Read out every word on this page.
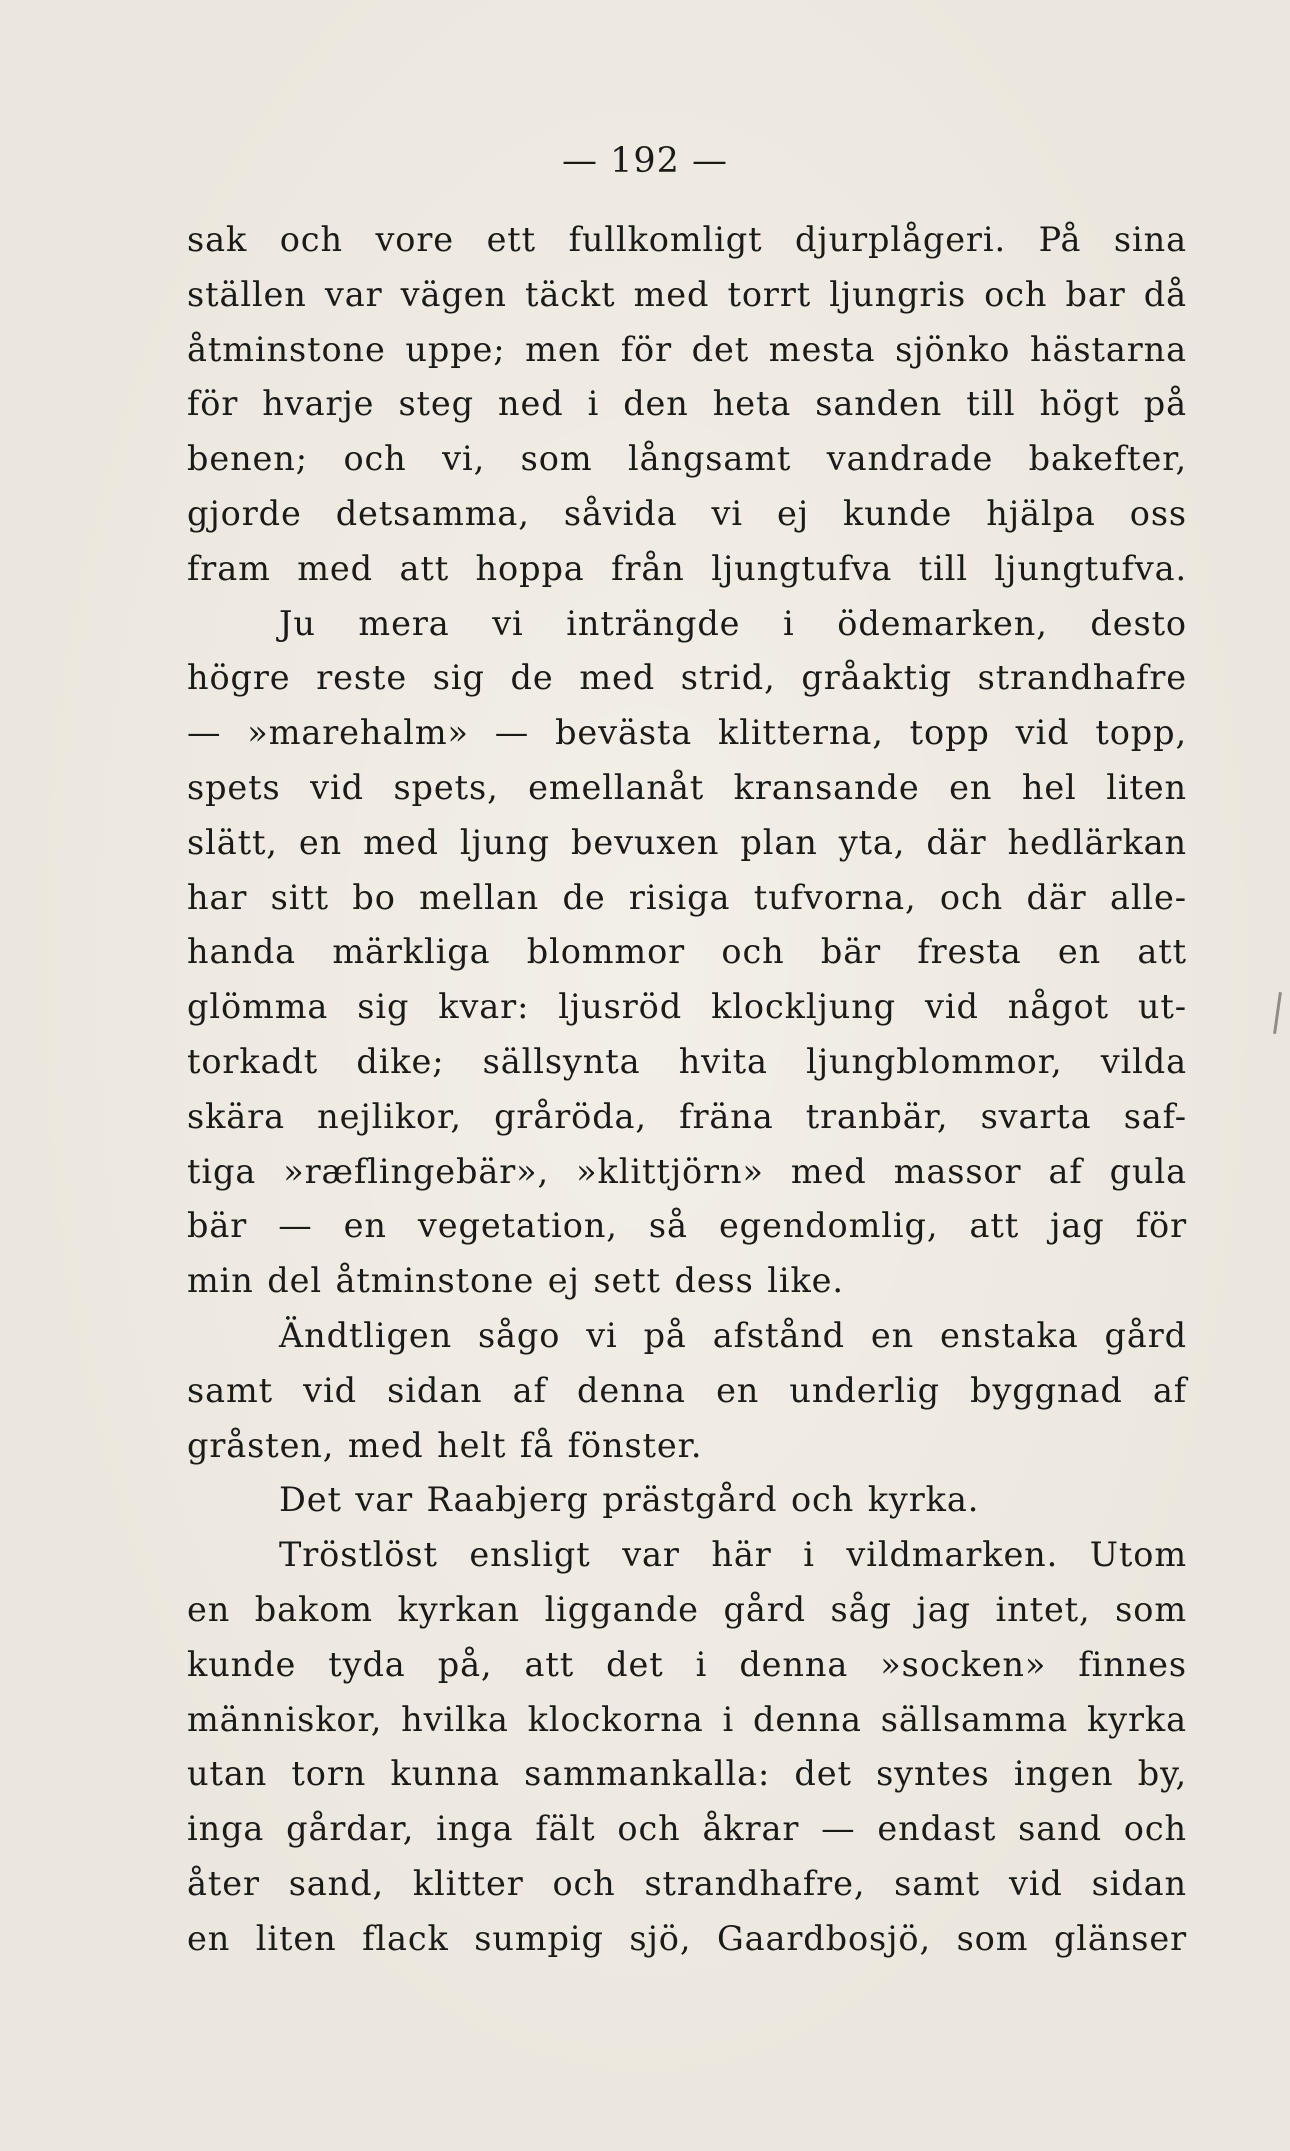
— 192 —
sak och vore ett fullkomligt djurplågeri. På sina
ställen var vägen täckt med torrt ljungris och bar då
åtminstone uppe; men för det mesta sjönko hästarna
för hvarje steg ned i den heta sanden till högt på
benen; och vi, som långsamt vandrade bakefter,
gjorde detsamma, såvida vi ej kunde hjälpa oss
fram med att hoppa från ljungtufva till ljungtufva.
Ju mera vi inträngde i ödemarken, desto
högre reste sig de med strid, gråaktig strandhafre
— »marehalm» — bevästa klitterna, topp vid topp,
spets vid spets, emellanåt kransande en hel liten
slätt, en med ljung bevuxen plan yta, där hedlärkan
har sitt bo mellan de risiga tufvorna, och där alle-
handa märkliga blommor och bär fresta en att
glömma sig kvar: ljusröd klockljung vid något ut-
torkadt dike; sällsynta hvita ljungblommor, vilda
skära nejlikor, gråröda, fräna tranbär, svarta saf-
tiga »ræflingebär», »klittjörn» med massor af gula
bär — en vegetation, så egendomlig, att jag för
min del åtminstone ej sett dess like.
Ändtligen sågo vi på afstånd en enstaka gård
samt vid sidan af denna en underlig byggnad af
gråsten, med helt få fönster.
Det var Raabjerg prästgård och kyrka.
Tröstlöst ensligt var här i vildmarken. Utom
en bakom kyrkan liggande gård såg jag intet, som
kunde tyda på, att det i denna »socken» finnes
människor, hvilka klockorna i denna sällsamma kyrka
utan torn kunna sammankalla: det syntes ingen by,
inga gårdar, inga fält och åkrar — endast sand och
åter sand, klitter och strandhafre, samt vid sidan
en liten flack sumpig sjö, Gaardbosjö, som glänser
